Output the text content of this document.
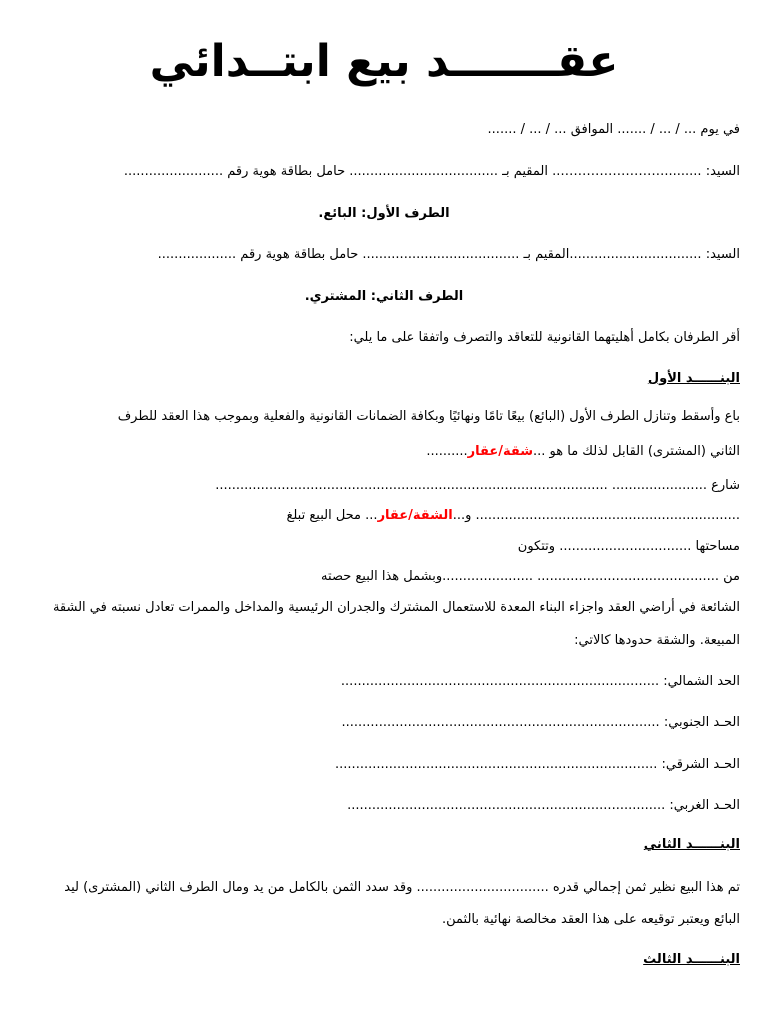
عقـــــــد بيع ابتــدائي
في يوم ... / ... / ....... الموافق ... / ... / .......
السيد: .........…………………….. المقيم بـ .................................... حامل بطاقة هوية رقم ........................
الطرف الأول: البائع.
السيد: ................................المقيم بـ ...................................... حامل بطاقة هوية رقم ...................
الطرف الثاني: المشتري.
أقر الطرفان بكامل أهليتهما القانونية للتعاقد والتصرف واتفقا على ما يلي:
البنــــــد الأول
باع وأسقط وتنازل الطرف الأول (البائع) بيعًا تامًا ونهائيًا وبكافة الضمانات القانونية والفعلية وبموجب هذا العقد للطرف
الثاني (المشترى) القابل لذلك ما هو ...شقة/عقار..........
شارع ....................... ...............................................................................................
................................................................ و...الشقة/عقار... محل البيع تبلغ
مساحتها ................................ وتتكون
من ............................................ ......................وبشمل هذا البيع حصته
الشائعة في أراضي العقد واجزاء البناء المعدة للاستعمال المشترك والجدران الرئيسية والمداخل والممرات تعادل نسبته في الشقة
المبيعة. والشقة حدودها كالاتي:
الحد الشمالي: .............................................................................
الحـد الجنوبي: .............................................................................
الحـد الشرقي: ..............................................................................
الحـد الغربي: .............................................................................
البنــــــد الثاني
تم هذا البيع نظير ثمن إجمالي قدره ................................ وقد سدد الثمن بالكامل من يد ومال الطرف الثاني (المشترى) ليد
البائع ويعتبر توقيعه على هذا العقد مخالصة نهائية بالثمن.
البنــــــد الثالث
